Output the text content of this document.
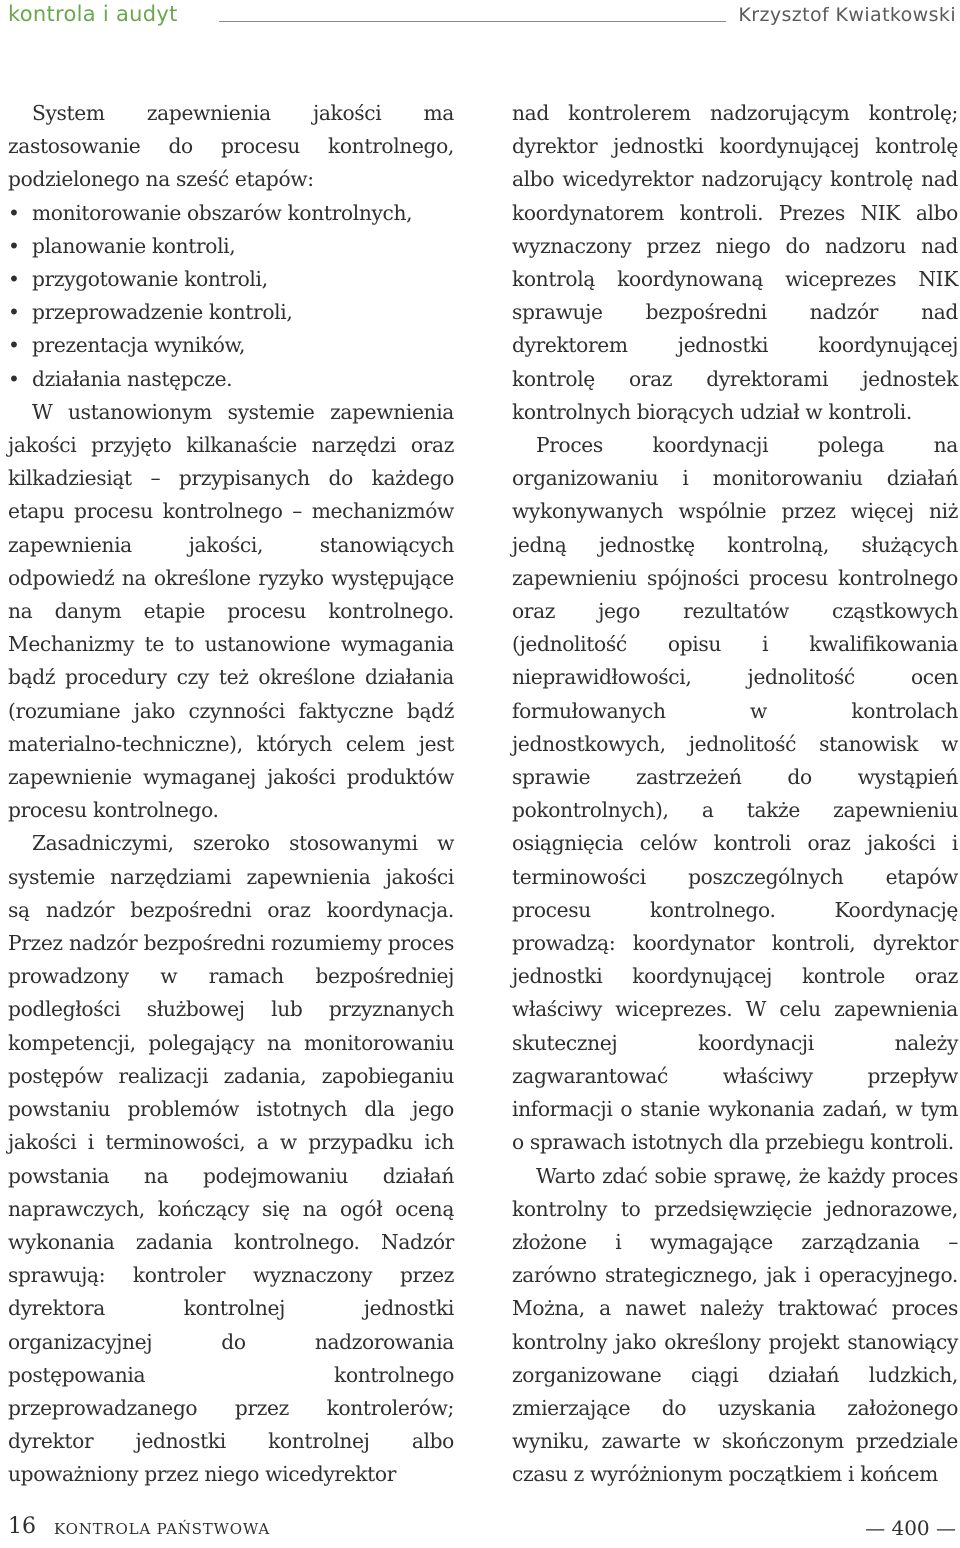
kontrola i audyt	Krzysztof Kwiatkowski

System zapewnienia jakości ma zastosowanie do procesu kontrolnego, podzielonego na sześć etapów:

• monitorowanie obszarów kontrolnych,
• planowanie kontroli,
• przygotowanie kontroli,
• przeprowadzenie kontroli,
• prezentacja wyników,
• działania następcze.

W ustanowionym systemie zapewnienia jakości przyjęto kilkanaście narzędzi oraz kilkadziesiąt – przypisanych do każdego etapu procesu kontrolnego – mechanizmów zapewnienia jakości, stanowiących odpowiedź na określone ryzyko występujące na danym etapie procesu kontrolnego. Mechanizmy te to ustanowione wymagania bądź procedury czy też określone działania (rozumiane jako czynności faktyczne bądź materialno-techniczne), których celem jest zapewnienie wymaganej jakości produktów procesu kontrolnego.

Zasadniczymi, szeroko stosowanymi w systemie narzędziami zapewnienia jakości są nadzór bezpośredni oraz koordynacja. Przez nadzór bezpośredni rozumiemy proces prowadzony w ramach bezpośredniej podległości służbowej lub przyznanych kompetencji, polegający na monitorowaniu postępów realizacji zadania, zapobieganiu powstaniu problemów istotnych dla jego jakości i terminowości, a w przypadku ich powstania na podejmowaniu działań naprawczych, kończący się na ogół oceną wykonania zadania kontrolnego. Nadzór sprawują: kontroler wyznaczony przez dyrektora kontrolnej jednostki organizacyjnej do nadzorowania postępowania kontrolnego przeprowadzanego przez kontrolerów; dyrektor jednostki kontrolnej albo upoważniony przez niego wicedyrektor

nad kontrolerem nadzorującym kontrolę; dyrektor jednostki koordynującej kontrolę albo wicedyrektor nadzorujący kontrolę nad koordynatorem kontroli. Prezes NIK albo wyznaczony przez niego do nadzoru nad kontrolą koordynowaną wiceprezes NIK sprawuje bezpośredni nadzór nad dyrektorem jednostki koordynującej kontrolę oraz dyrektorami jednostek kontrolnych biorących udział w kontroli.

Proces koordynacji polega na organizowaniu i monitorowaniu działań wykonywanych wspólnie przez więcej niż jedną jednostkę kontrolną, służących zapewnieniu spójności procesu kontrolnego oraz jego rezultatów cząstkowych (jednolitość opisu i kwalifikowania nieprawidłowości, jednolitość ocen formułowanych w kontrolach jednostkowych, jednolitość stanowisk w sprawie zastrzeżeń do wystąpień pokontrolnych), a także zapewnieniu osiągnięcia celów kontroli oraz jakości i terminowości poszczególnych etapów procesu kontrolnego. Koordynację prowadzą: koordynator kontroli, dyrektor jednostki koordynującej kontrole oraz właściwy wiceprezes. W celu zapewnienia skutecznej koordynacji należy zagwarantować właściwy przepływ informacji o stanie wykonania zadań, w tym o sprawach istotnych dla przebiegu kontroli.

Warto zdać sobie sprawę, że każdy proces kontrolny to przedsięwzięcie jednorazowe, złożone i wymagające zarządzania – zarówno strategicznego, jak i operacyjnego. Można, a nawet należy traktować proces kontrolny jako określony projekt stanowiący zorganizowane ciągi działań ludzkich, zmierzające do uzyskania założonego wyniku, zawarte w skończonym przedziale czasu z wyróżnionym początkiem i końcem

16 KONTROLA PAŃSTWOWA	— 400 —
